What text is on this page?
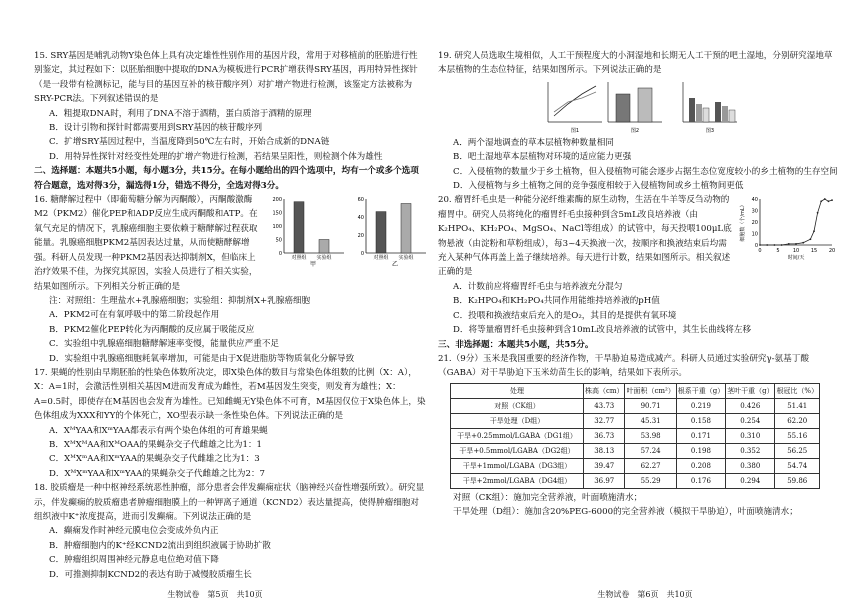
15. SRY基因是哺乳动物Y染色体上具有决定雄性性别作用的基因片段，常用于对移植前的胚胎进行性别鉴定，其过程如下：以胚胎细胞中提取的DNA为模板进行PCR扩增获得SRY基因，再用特异性探针（是一段带有检测标记，能与目的基因互补的核苷酸序列）对扩增产物进行检测，该鉴定方法被称为SRY-PCR法。下列叙述错误的是

A．粗提取DNA时，利用了DNA不溶于酒精，蛋白质溶于酒精的原理

B．设计引物和探针时都需要用到SRY基因的核苷酸序列

C．扩增SRY基因过程中，当温度降到50℃左右时，开始合成新的DNA链

D．用特异性探针对经变性处理的扩增产物进行检测，若结果呈阳性，则检测个体为雄性

二、选择题：本题共5小题，每小题3分，共15分。在每小题给出的四个选项中，均有一个或多个选项符合题意，选对得3分，漏选得1分，错选不得分，全选对得3分。

0
50
100
150
200
对照组 实验组
甲
0
20
40
60
对照组 实验组
乙

16. 糖酵解过程中（即葡萄糖分解为丙酮酸），丙酮酸激酶M2（PKM2）催化PEP和ADP反应生成丙酮酸和ATP。在氧气充足的情况下，乳腺癌细胞主要依赖于糖酵解过程获取能量。乳腺癌细胞PKM2基因表达过量，从而使糖酵解增强。科研人员发现一种PKM2基因表达抑制剂X，但临床上治疗效果不佳，为探究其原因，实验人员进行了相关实验，结果如图所示。下列相关分析正确的是

注：对照组：生理盐水+乳腺癌细胞；实验组：抑制剂X+乳腺癌细胞

A．PKM2可在有氧呼吸中的第二阶段起作用

B．PKM2催化PEP转化为丙酮酸的反应属于吸能反应

C．实验组中乳腺癌细胞糖酵解速率变慢，能量供应严重不足

D．实验组中乳腺癌细胞耗氧率增加，可能是由于X促进脂肪等物质氧化分解导致

17. 果蝇的性别由早期胚胎的性染色体数所决定，即X染色体的数目与常染色体组数的比例（X：A），X：A=1时，会激活性别相关基因M进而发育成为雌性，若M基因发生突变，则发育为雄性；X：A=0.5时，即使存在M基因也会发育为雄性。已知雌蝇无Y染色体不可育，M基因仅位于X染色体上，染色体组成为XXX和YY的个体死亡，XO型表示缺一条性染色体。下列说法正确的是

A．XᴹYAA和XᵐYAA都表示有两个染色体组的可育雄果蝇

B．XᴹXᴹAA和XᴹOAA的果蝇杂交子代雌雄之比为1：1

C．XᴹXᵐAA和XᵐYAA的果蝇杂交子代雌雄之比为1：3

D．XᴹXᵐYAA和XᵐYAA的果蝇杂交子代雌雄之比为2：7

18. 胶质瘤是一种中枢神经系统恶性肿瘤，部分患者会伴发癫痫症状（脑神经兴奋性增强所致）。研究显示，伴发癫痫的胶质瘤患者肿瘤细胞膜上的一种钾离子通道（KCND2）表达量提高，使得肿瘤细胞对组织液中K⁺浓度提高，进而引发癫痫。下列说法正确的是

A．癫痫发作时神经元膜电位会变成外负内正

B．肿瘤细胞内的K⁺经KCND2流出到组织液属于协助扩散

C．肿瘤组织周围神经元静息电位绝对值下降

D．可推测抑制KCND2的表达有助于减慢胶质瘤生长

生物试卷　第5页　共10页

19. 研究人员选取生境相似，人工干预程度大的小洞湿地和长期无人工干预的吧土湿地，分别研究湿地草本层植物的生态位特征，结果如图所示。下列说法正确的是

图1	图2	图3

A．两个湿地调查的草本层植物种数量相同

B．吧土湿地草本层植物对环境的适应能力更强

C．入侵植物的数量少于乡土植物，但入侵植物可能会逐步占据生态位宽度较小的乡土植物的生存空间

D．入侵植物与乡土植物之间的竞争强度相较于入侵植物间或乡土植物间更低

0
10
20
30
40
0	5	10 15 20
时间/天
细胞数（个/mL）

20. 瘤胃纤毛虫是一种能分泌纤维素酶的原生动物，生活在牛羊等反刍动物的瘤胃中。研究人员将纯化的瘤胃纤毛虫接种到含5mL改良培养液（由K₂HPO₄、KH₂PO₄、MgSO₄、NaCl等组成）的试管中，每天投喂100μL底物悬液（由淀粉和草粉组成），每3~4天换液一次，按顺序和换液结束后均需充入某种气体再盖上盖子继续培养。每天进行计数，结果如图所示。相关叙述正确的是

A．计数前应将瘤胃纤毛虫与培养液充分混匀

B．K₂HPO₄和KH₂PO₄共同作用能维持培养液的pH值

C．投喂和换液结束后充入的是O₂，其目的是提供有氧环境

D．将等量瘤胃纤毛虫接种到含10mL改良培养液的试管中，其生长曲线将左移

三、非选择题：本题共5小题，共55分。

21.（9分）玉米是我国重要的经济作物，干旱胁迫易造成减产。科研人员通过实验研究γ-氨基丁酸（GABA）对干旱胁迫下玉米幼苗生长的影响，结果如下表所示。

处理	株高（cm）	叶面积（cm²）	根系干重（g）	茎叶干重（g）	根冠比（%）
对照（CK组）	43.73	90.71	0.219	0.426	51.41
干旱处理（D组）	32.77	45.31	0.158	0.254	62.20
干旱+0.25mmol/LGABA（DG1组）	36.73	53.98	0.171	0.310	55.16
干旱+0.5mmol/LGABA（DG2组）	38.13	57.24	0.198	0.352	56.25
干旱+1mmol/LGABA（DG3组）	39.47	62.27	0.208	0.380	54.74
干旱+2mmol/LGABA（DG4组）	36.97	55.29	0.176	0.294	59.86

对照（CK组）：施加完全营养液，叶面喷施清水；

干旱处理（D组）：施加含20%PEG-6000的完全营养液（模拟干旱胁迫），叶面喷施清水；

生物试卷　第6页　共10页
